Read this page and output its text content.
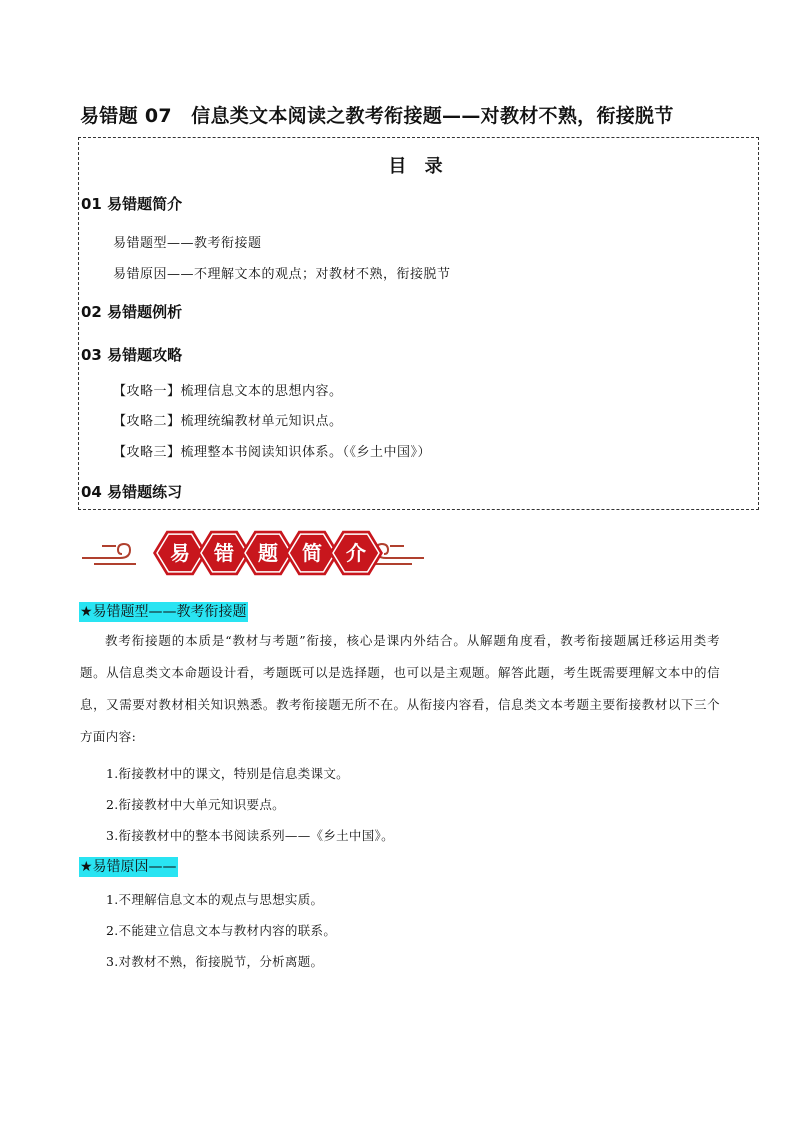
易错题 07　信息类文本阅读之教考衔接题——对教材不熟，衔接脱节
目 录
01 易错题简介
易错题型——教考衔接题
易错原因——不理解文本的观点；对教材不熟，衔接脱节
02 易错题例析
03 易错题攻略
【攻略一】梳理信息文本的思想内容。
【攻略二】梳理统编教材单元知识点。
【攻略三】梳理整本书阅读知识体系。（《乡土中国》）
04 易错题练习
易 错 题 简 介
★易错题型——教考衔接题
教考衔接题的本质是“教材与考题”衔接，核心是课内外结合。从解题角度看，教考衔接题属迁移运用类考题。从信息类文本命题设计看，考题既可以是选择题，也可以是主观题。解答此题，考生既需要理解文本中的信息，又需要对教材相关知识熟悉。教考衔接题无所不在。从衔接内容看，信息类文本考题主要衔接教材以下三个方面内容:
1.衔接教材中的课文，特别是信息类课文。
2.衔接教材中大单元知识要点。
3.衔接教材中的整本书阅读系列——《乡土中国》。
★易错原因——
1.不理解信息文本的观点与思想实质。
2.不能建立信息文本与教材内容的联系。
3.对教材不熟，衔接脱节，分析离题。
